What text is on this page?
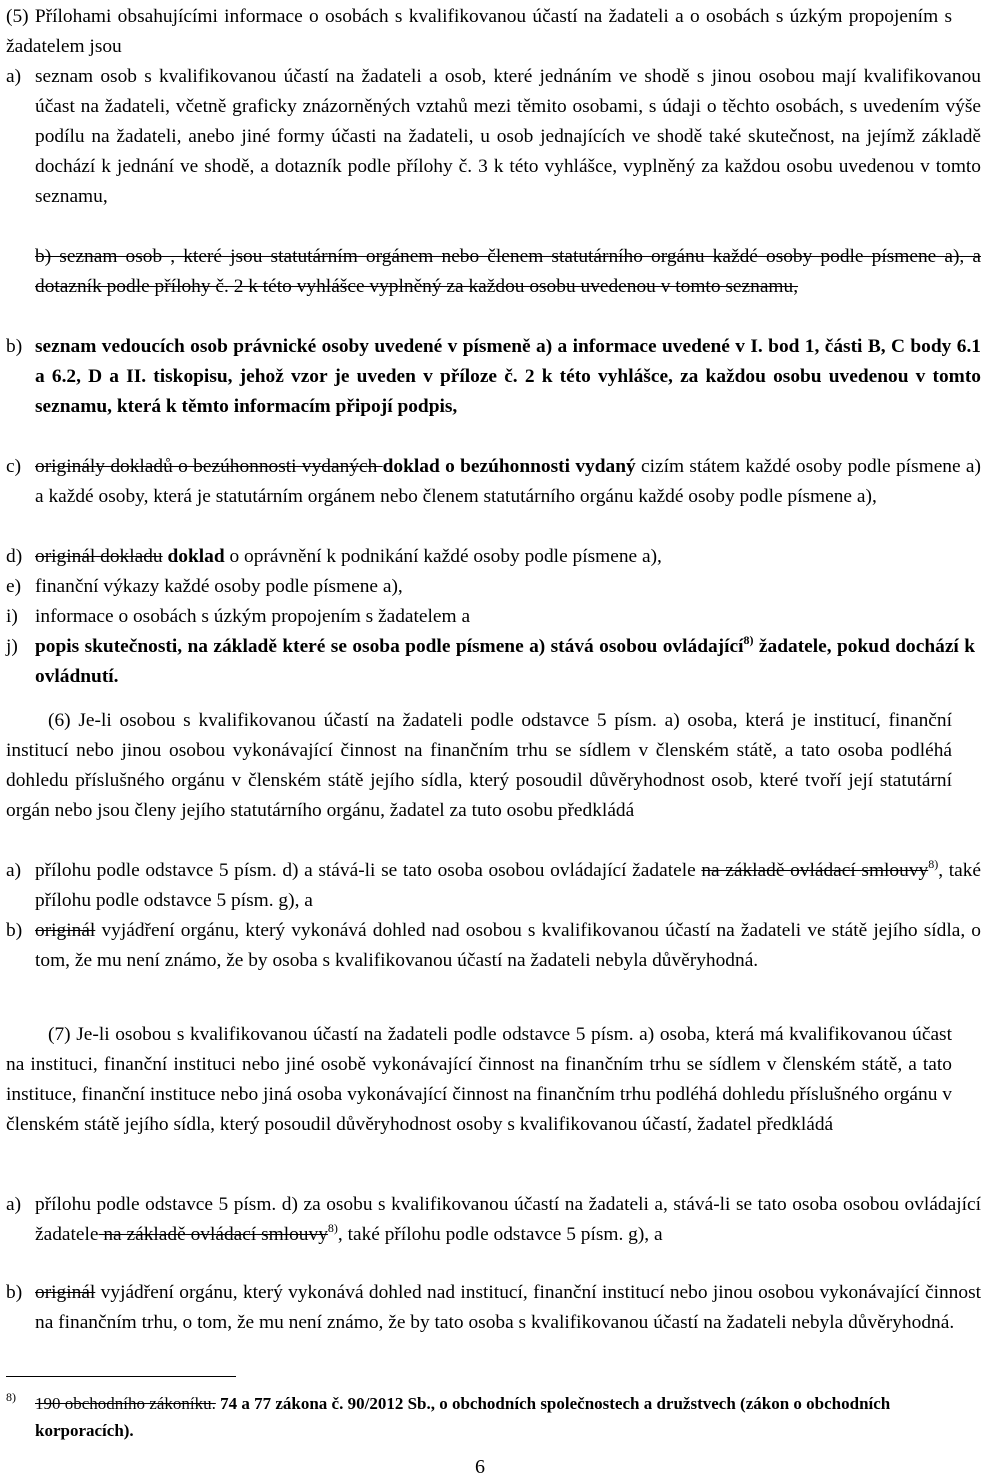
(5) Přílohami obsahujícími informace o osobách s kvalifikovanou účastí na žadateli a o osobách s úzkým propojením s žadatelem jsou
a) seznam osob s kvalifikovanou účastí na žadateli a osob, které jednáním ve shodě s jinou osobou mají kvalifikovanou účast na žadateli, včetně graficky znázorněných vztahů mezi těmito osobami, s údaji o těchto osobách, s uvedením výše podílu na žadateli, anebo jiné formy účasti na žadateli, u osob jednajících ve shodě také skutečnost, na jejímž základě dochází k jednání ve shodě, a dotazník podle přílohy č. 3 k této vyhlášce, vyplněný za každou osobu uvedenou v tomto seznamu,
b) seznam osob , které jsou statutárním orgánem nebo členem statutárního orgánu každé osoby podle písmene a), a dotazník podle přílohy č. 2 k této vyhlášce vyplněný za každou osobu uvedenou v tomto seznamu,
b) seznam vedoucích osob právnické osoby uvedené v písmeně a) a informace uvedené v I. bod 1, části B, C body 6.1 a 6.2, D a II. tiskopisu, jehož vzor je uveden v příloze č. 2 k této vyhlášce, za každou osobu uvedenou v tomto seznamu, která k těmto informacím připojí podpis,
c) originály dokladů o bezúhonnosti vydaných doklad o bezúhonnosti vydaný cizím státem každé osoby podle písmene a) a každé osoby, která je statutárním orgánem nebo členem statutárního orgánu každé osoby podle písmene a),
d) originál dokladu doklad o oprávnění k podnikání každé osoby podle písmene a),
e) finanční výkazy každé osoby podle písmene a),
i) informace o osobách s úzkým propojením s žadatelem a
j) popis skutečnosti, na základě které se osoba podle písmene a) stává osobou ovládající$^{8)}$ žadatele, pokud dochází k ovládnutí.
(6) Je-li osobou s kvalifikovanou účastí na žadateli podle odstavce 5 písm. a) osoba, která je institucí, finanční institucí nebo jinou osobou vykonávající činnost na finančním trhu se sídlem v členském státě, a tato osoba podléhá dohledu příslušného orgánu v členském státě jejího sídla, který posoudil důvěryhodnost osob, které tvoří její statutární orgán nebo jsou členy jejího statutárního orgánu, žadatel za tuto osobu předkládá
a) přílohu podle odstavce 5 písm. d) a stává-li se tato osoba osobou ovládající žadatele na základě ovládací smlouvy$^{8)}$, také přílohu podle odstavce 5 písm. g), a
b) originál vyjádření orgánu, který vykonává dohled nad osobou s kvalifikovanou účastí na žadateli ve státě jejího sídla, o tom, že mu není známo, že by osoba s kvalifikovanou účastí na žadateli nebyla důvěryhodná.
(7) Je-li osobou s kvalifikovanou účastí na žadateli podle odstavce 5 písm. a) osoba, která má kvalifikovanou účast na instituci, finanční instituci nebo jiné osobě vykonávající činnost na finančním trhu se sídlem v členském státě, a tato instituce, finanční instituce nebo jiná osoba vykonávající činnost na finančním trhu podléhá dohledu příslušného orgánu v členském státě jejího sídla, který posoudil důvěryhodnost osoby s kvalifikovanou účastí, žadatel předkládá
a) přílohu podle odstavce 5 písm. d) za osobu s kvalifikovanou účastí na žadateli a, stává-li se tato osoba osobou ovládající žadatele na základě ovládací smlouvy$^{8)}$, také přílohu podle odstavce 5 písm. g), a
b) originál vyjádření orgánu, který vykonává dohled nad institucí, finanční institucí nebo jinou osobou vykonávající činnost na finančním trhu, o tom, že mu není známo, že by tato osoba s kvalifikovanou účastí na žadateli nebyla důvěryhodná.
$^{8)}$ 190 obchodního zákoníku. 74 a 77 zákona č. 90/2012 Sb., o obchodních společnostech a družstvech (zákon o obchodních korporacích).
6
